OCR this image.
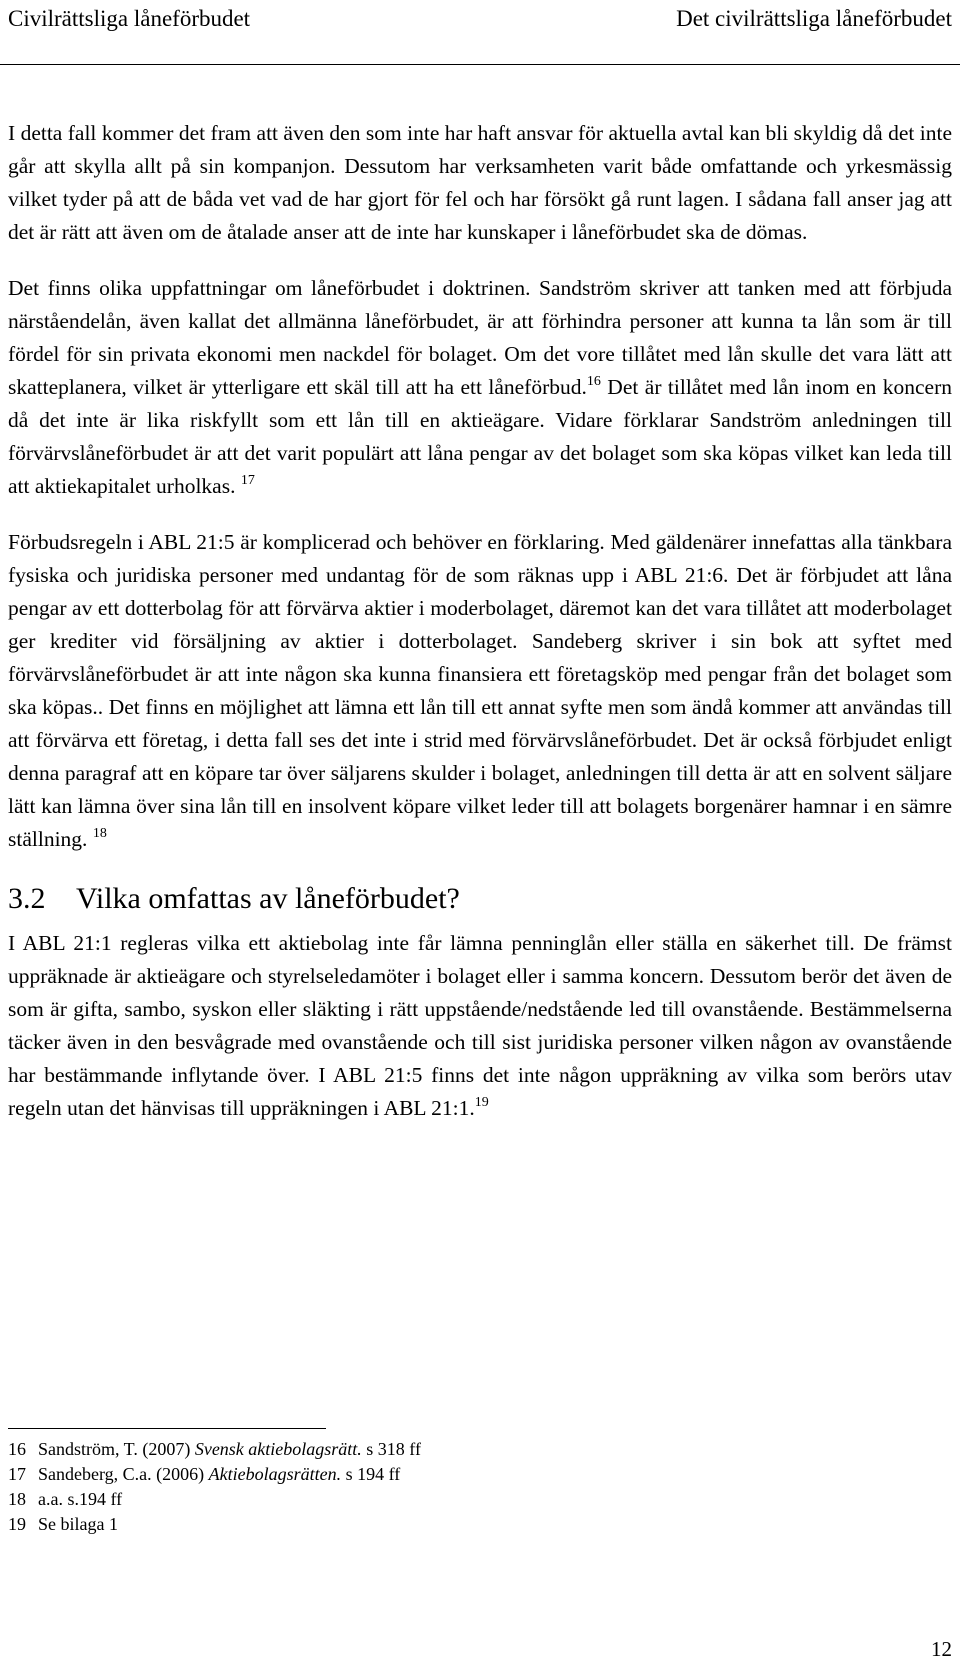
Civilrättsliga låneförbudet	Det civilrättsliga låneförbudet

I detta fall kommer det fram att även den som inte har haft ansvar för aktuella avtal kan bli skyldig då det inte går att skylla allt på sin kompanjon. Dessutom har verksamheten varit både omfattande och yrkesmässig vilket tyder på att de båda vet vad de har gjort för fel och har försökt gå runt lagen. I sådana fall anser jag att det är rätt att även om de åtalade anser att de inte har kunskaper i låneförbudet ska de dömas.

Det finns olika uppfattningar om låneförbudet i doktrinen. Sandström skriver att tanken med att förbjuda närståendelån, även kallat det allmänna låneförbudet, är att förhindra personer att kunna ta lån som är till fördel för sin privata ekonomi men nackdel för bolaget. Om det vore tillåtet med lån skulle det vara lätt att skatteplanera, vilket är ytterligare ett skäl till att ha ett låneförbud.$^{16}$ Det är tillåtet med lån inom en koncern då det inte är lika riskfyllt som ett lån till en aktieägare. Vidare förklarar Sandström anledningen till förvärvslåneförbudet är att det varit populärt att låna pengar av det bolaget som ska köpas vilket kan leda till att aktiekapitalet urholkas. $^{17}$

Förbudsregeln i ABL 21:5 är komplicerad och behöver en förklaring. Med gäldenärer innefattas alla tänkbara fysiska och juridiska personer med undantag för de som räknas upp i ABL 21:6. Det är förbjudet att låna pengar av ett dotterbolag för att förvärva aktier i moderbolaget, däremot kan det vara tillåtet att moderbolaget ger krediter vid försäljning av aktier i dotterbolaget. Sandeberg skriver i sin bok att syftet med förvärvslåneförbudet är att inte någon ska kunna finansiera ett företagsköp med pengar från det bolaget som ska köpas.. Det finns en möjlighet att lämna ett lån till ett annat syfte men som ändå kommer att användas till att förvärva ett företag, i detta fall ses det inte i strid med förvärvslåneförbudet. Det är också förbjudet enligt denna paragraf att en köpare tar över säljarens skulder i bolaget, anledningen till detta är att en solvent säljare lätt kan lämna över sina lån till en insolvent köpare vilket leder till att bolagets borgenärer hamnar i en sämre ställning. $^{18}$

3.2 Vilka omfattas av låneförbudet?

I ABL 21:1 regleras vilka ett aktiebolag inte får lämna penninglån eller ställa en säkerhet till. De främst uppräknade är aktieägare och styrelseledamöter i bolaget eller i samma koncern. Dessutom berör det även de som är gifta, sambo, syskon eller släkting i rätt uppstående/nedstående led till ovanstående. Bestämmelserna täcker även in den besvågrade med ovanstående och till sist juridiska personer vilken någon av ovanstående har bestämmande inflytande över. I ABL 21:5 finns det inte någon uppräkning av vilka som berörs utav regeln utan det hänvisas till uppräkningen i ABL 21:1.19

16 Sandström, T. (2007) Svensk aktiebolagsrätt. s 318 ff
17 Sandeberg, C.a. (2006) Aktiebolagsrätten. s 194 ff
18 a.a. s.194 ff
19 Se bilaga 1
12
